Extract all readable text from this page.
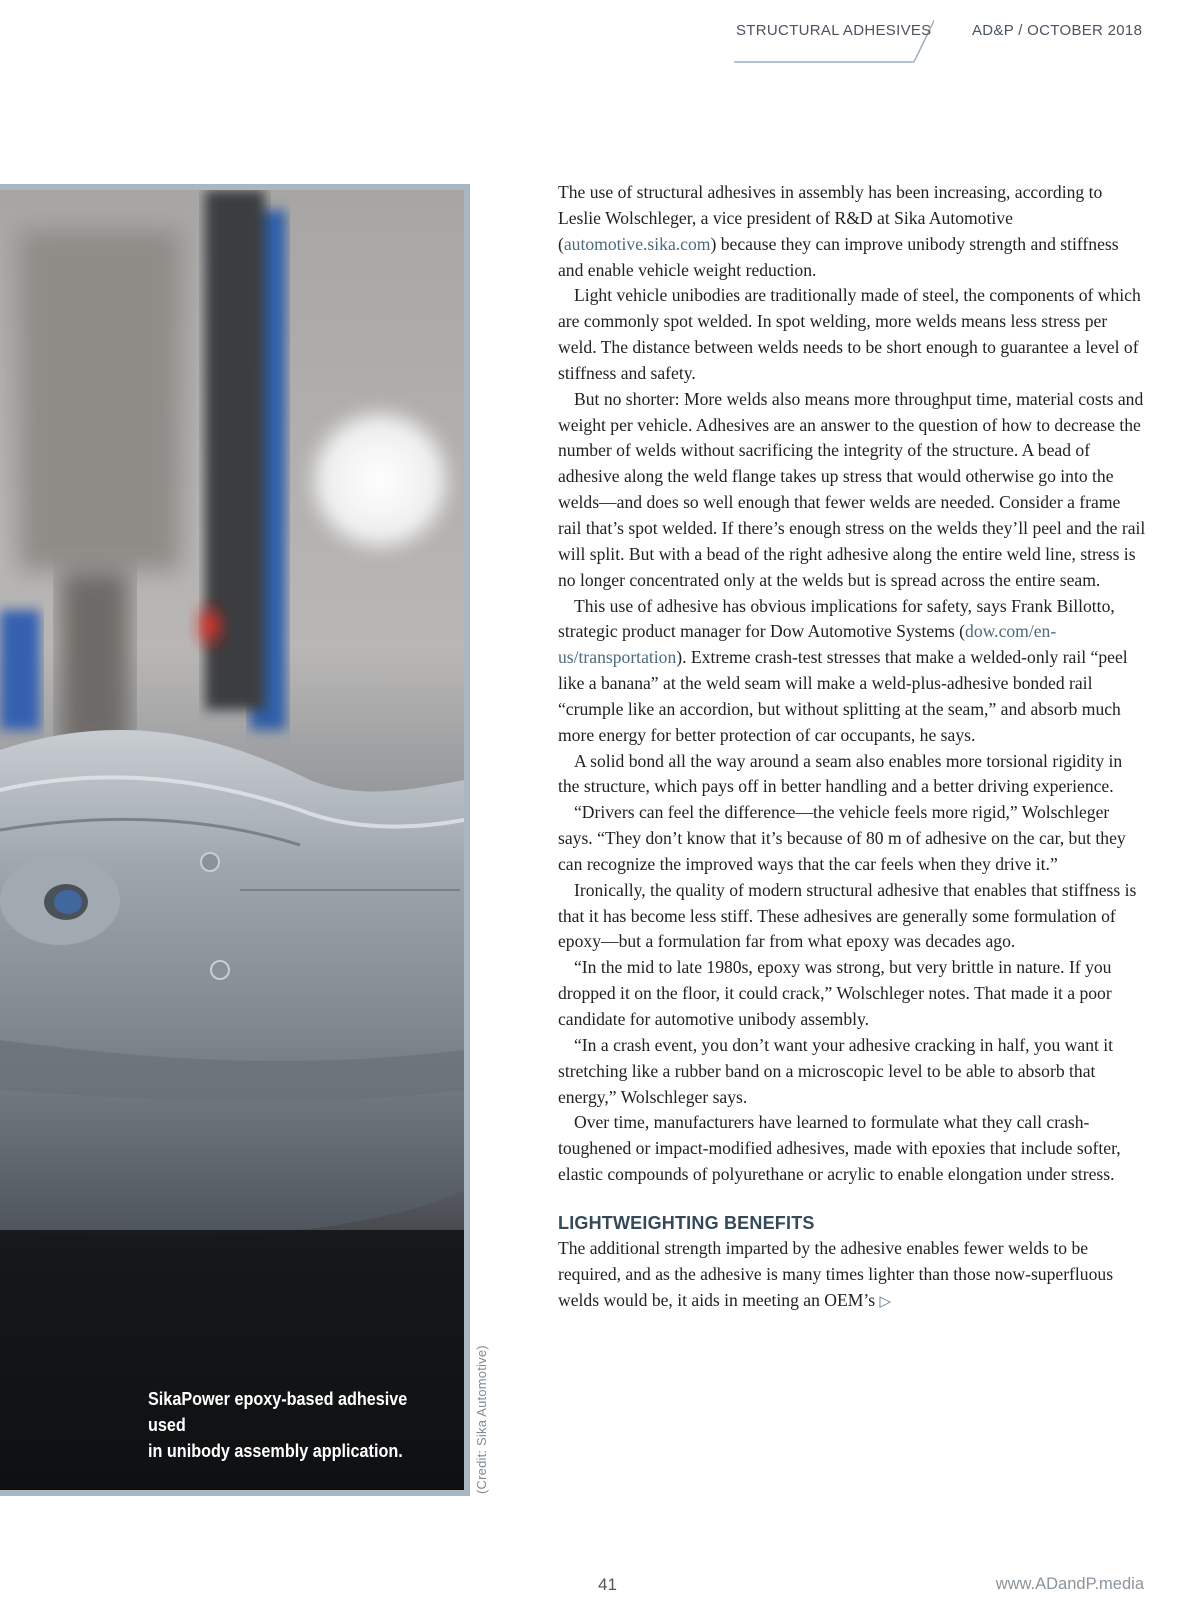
STRUCTURAL ADHESIVES	AD&P / OCTOBER 2018
SikaPower epoxy-based adhesive used
in unibody assembly application.	(Credit: Sika Automotive)

The use of structural adhesives in assembly has been increasing, according to Leslie Wolschleger, a vice president of R&D at Sika Automotive (automotive.sika.com) because they can improve unibody strength and stiffness and enable vehicle weight reduction.

Light vehicle unibodies are traditionally made of steel, the components of which are commonly spot welded. In spot welding, more welds means less stress per weld. The distance between welds needs to be short enough to guarantee a level of stiffness and safety.

But no shorter: More welds also means more throughput time, material costs and weight per vehicle. Adhesives are an answer to the question of how to decrease the number of welds without sacrificing the integrity of the structure. A bead of adhesive along the weld flange takes up stress that would otherwise go into the welds—and does so well enough that fewer welds are needed. Consider a frame rail that’s spot welded. If there’s enough stress on the welds they’ll peel and the rail will split. But with a bead of the right adhesive along the entire weld line, stress is no longer concentrated only at the welds but is spread across the entire seam.

This use of adhesive has obvious implications for safety, says Frank Billotto, strategic product manager for Dow Automotive Systems (dow.com/en-us/transportation). Extreme crash-test stresses that make a welded-only rail “peel like a banana” at the weld seam will make a weld-plus-adhesive bonded rail “crumple like an accordion, but without splitting at the seam,” and absorb much more energy for better protection of car occupants, he says.

A solid bond all the way around a seam also enables more torsional rigidity in the structure, which pays off in better handling and a better driving experience.

“Drivers can feel the difference—the vehicle feels more rigid,” Wolschleger says. “They don’t know that it’s because of 80 m of adhesive on the car, but they can recognize the improved ways that the car feels when they drive it.”

Ironically, the quality of modern structural adhesive that enables that stiffness is that it has become less stiff. These adhesives are generally some formulation of epoxy—but a formulation far from what epoxy was decades ago.

“In the mid to late 1980s, epoxy was strong, but very brittle in nature. If you dropped it on the floor, it could crack,” Wolschleger notes. That made it a poor candidate for automotive unibody assembly.

“In a crash event, you don’t want your adhesive cracking in half, you want it stretching like a rubber band on a microscopic level to be able to absorb that energy,” Wolschleger says.

Over time, manufacturers have learned to formulate what they call crash-toughened or impact-modified adhesives, made with epoxies that include softer, elastic compounds of polyurethane or acrylic to enable elongation under stress.

LIGHTWEIGHTING BENEFITS

The additional strength imparted by the adhesive enables fewer welds to be required, and as the adhesive is many times lighter than those now-superfluous welds would be, it aids in meeting an OEM’s ▷

41	www.ADandP.media
